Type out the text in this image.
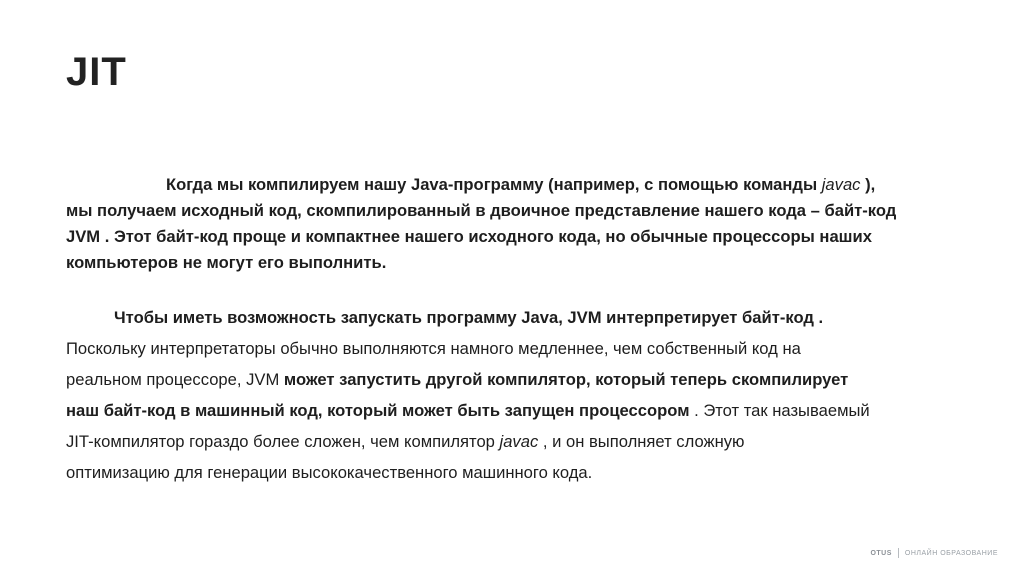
JIT
Когда мы компилируем нашу Java-программу (например, с помощью команды javac ),
мы получаем исходный код, скомпилированный в двоичное представление нашего кода – байт-код
JVM . Этот байт-код проще и компактнее нашего исходного кода, но обычные процессоры наших
компьютеров не могут его выполнить.
Чтобы иметь возможность запускать программу Java, JVM интерпретирует байт-код .
Поскольку интерпретаторы обычно выполняются намного медленнее, чем собственный код на
реальном процессоре, JVM может запустить другой компилятор, который теперь скомпилирует
наш байт-код в машинный код, который может быть запущен процессором . Этот так называемый
JIT-компилятор гораздо более сложен, чем компилятор javac , и он выполняет сложную
оптимизацию для генерации высококачественного машинного кода.
OTUS ОНЛАЙН ОБРАЗОВАНИЕ
